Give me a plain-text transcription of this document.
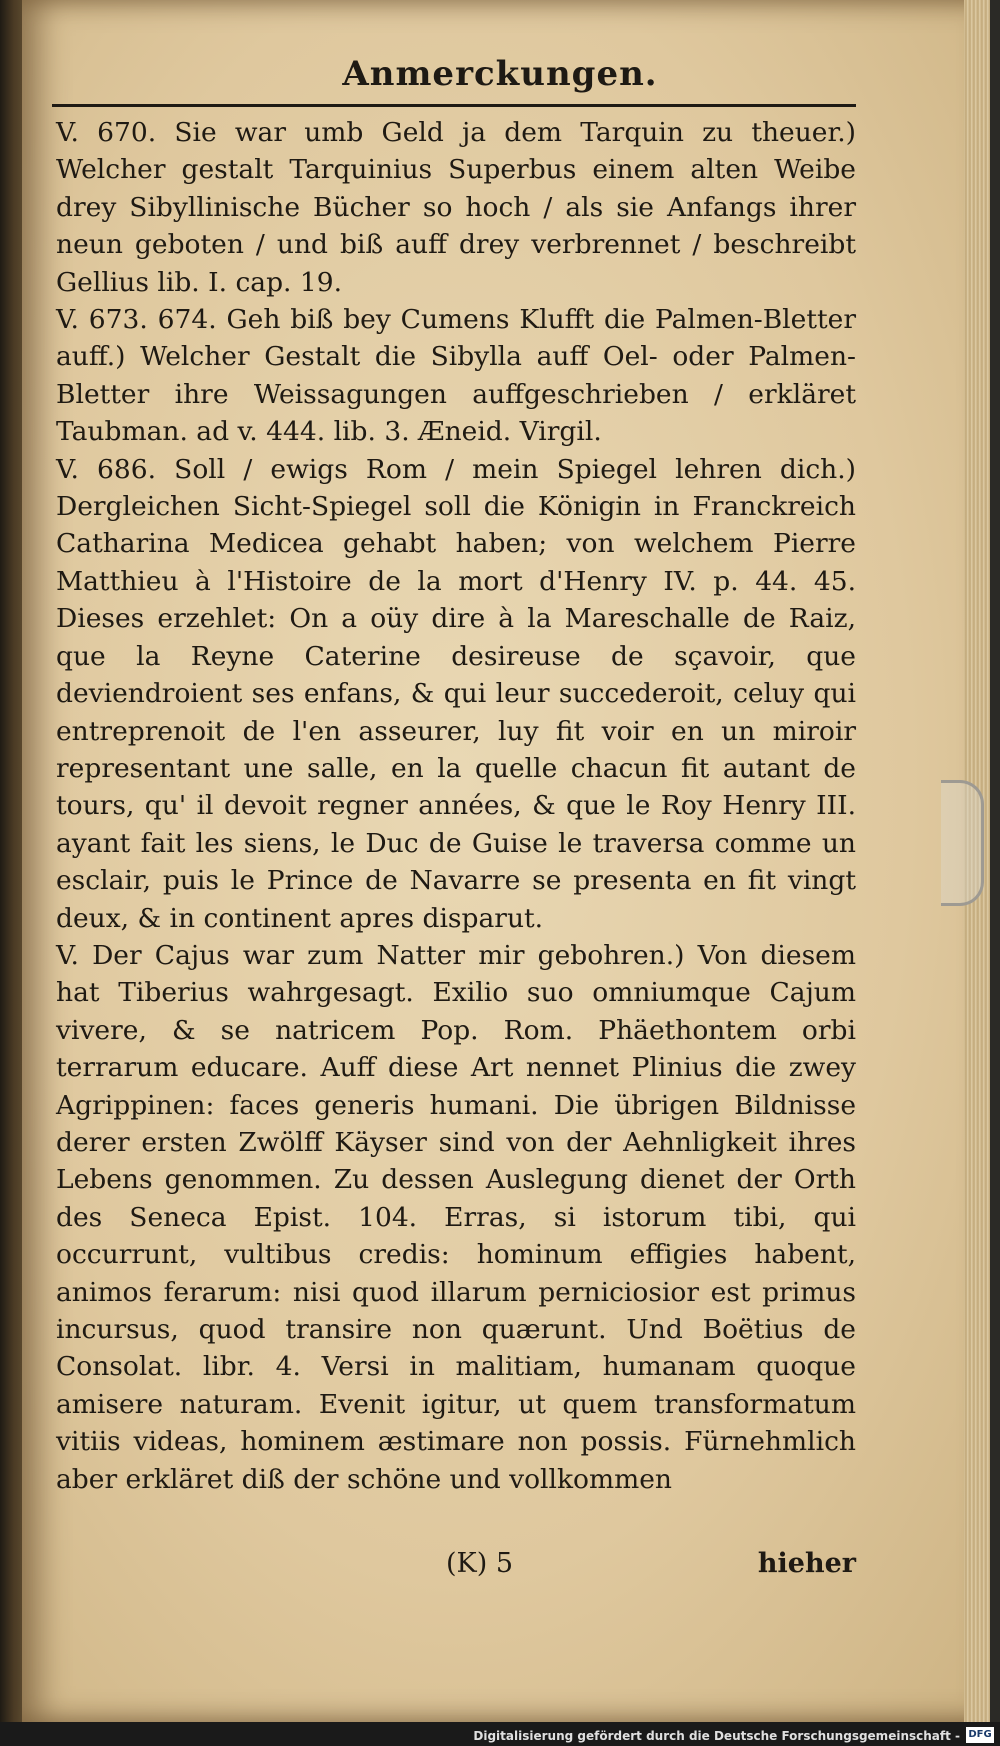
Anmerckungen.

V. 670. Sie war umb Geld ja dem Tarquin zu theuer.) Welcher gestalt Tarquinius Superbus einem alten Weibe drey Sibyllinische Bücher so hoch / als sie Anfangs ihrer neun geboten / und biß auff drey verbrennet / beschreibt Gellius lib. I. cap. 19.

V. 673. 674. Geh biß bey Cumens Klufft die Palmen-Bletter auff.) Welcher Gestalt die Sibylla auff Oel- oder Palmen-Bletter ihre Weissagungen auffgeschrieben / erkläret Taubman. ad v. 444. lib. 3. Æneid. Virgil.

V. 686. Soll / ewigs Rom / mein Spiegel lehren dich.) Dergleichen Sicht-Spiegel soll die Königin in Franckreich Catharina Medicea gehabt haben; von welchem Pierre Matthieu à l'Histoire de la mort d'Henry IV. p. 44. 45. Dieses erzehlet: On a oüy dire à la Mareschalle de Raiz, que la Reyne Caterine desireuse de sçavoir, que deviendroient ses enfans, & qui leur succederoit, celuy qui entreprenoit de l'en asseurer, luy fit voir en un miroir representant une salle, en la quelle chacun fit autant de tours, qu' il devoit regner années, & que le Roy Henry III. ayant fait les siens, le Duc de Guise le traversa comme un esclair, puis le Prince de Navarre se presenta en fit vingt deux, & in continent apres disparut.

V. Der Cajus war zum Natter mir gebohren.) Von diesem hat Tiberius wahrgesagt. Exilio suo omniumque Cajum vivere, & se natricem Pop. Rom. Phäethontem orbi terrarum educare. Auff diese Art nennet Plinius die zwey Agrippinen: faces generis humani. Die übrigen Bildnisse derer ersten Zwölff Käyser sind von der Aehnligkeit ihres Lebens genommen. Zu dessen Auslegung dienet der Orth des Seneca Epist. 104. Erras, si istorum tibi, qui occurrunt, vultibus credis: hominum effigies habent, animos ferarum: nisi quod illarum perniciosior est primus incursus, quod transire non quærunt. Und Boëtius de Consolat. libr. 4. Versi in malitiam, humanam quoque amisere naturam. Evenit igitur, ut quem transformatum vitiis videas, hominem æstimare non possis. Fürnehmlich aber erkläret diß der schöne und vollkommen

(K) 5	hieher
Digitalisierung gefördert durch die Deutsche Forschungsgemeinschaft - DFG
